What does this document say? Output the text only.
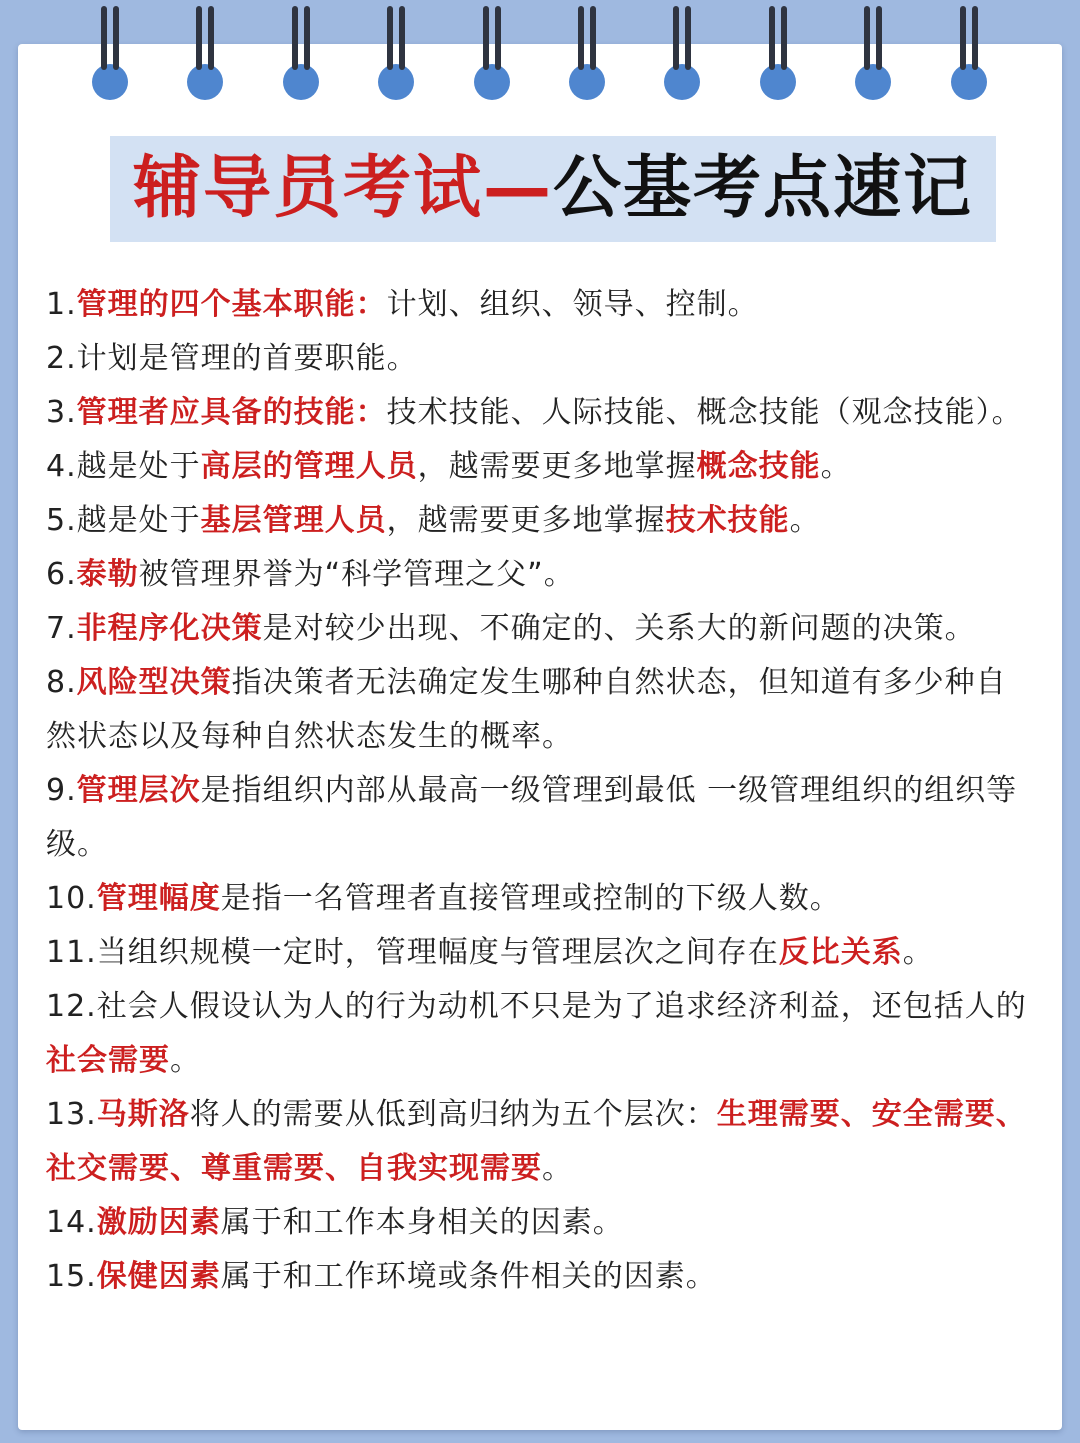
辅导员考试—公基考点速记
1.管理的四个基本职能：计划、组织、领导、控制。
2.计划是管理的首要职能。
3.管理者应具备的技能：技术技能、人际技能、概念技能（观念技能）。
4.越是处于高层的管理人员，越需要更多地掌握概念技能。
5.越是处于基层管理人员，越需要更多地掌握技术技能。
6.泰勒被管理界誉为“科学管理之父”。
7.非程序化决策是对较少出现、不确定的、关系大的新问题的决策。
8.风险型决策指决策者无法确定发生哪种自然状态，但知道有多少种自然状态以及每种自然状态发生的概率。
9.管理层次是指组织内部从最高一级管理到最低 一级管理组织的组织等级。
10.管理幅度是指一名管理者直接管理或控制的下级人数。
11.当组织规模一定时，管理幅度与管理层次之间存在反比关系。
12.社会人假设认为人的行为动机不只是为了追求经济利益，还包括人的社会需要。
13.马斯洛将人的需要从低到高归纳为五个层次：生理需要、安全需要、社交需要、尊重需要、自我实现需要。
14.激励因素属于和工作本身相关的因素。
15.保健因素属于和工作环境或条件相关的因素。
